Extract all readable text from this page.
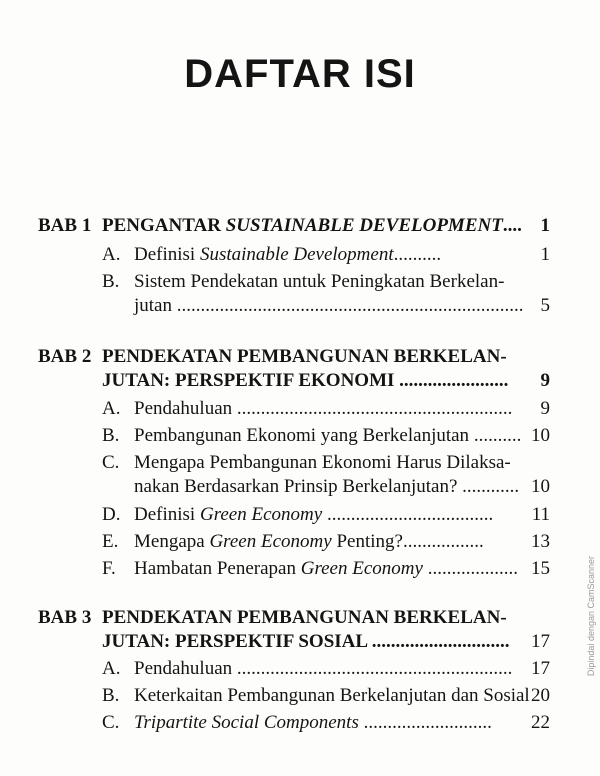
DAFTAR ISI
BAB 1 PENGANTAR SUSTAINABLE DEVELOPMENT.... 1
A. Definisi Sustainable Development..........	1
B. Sistem Pendekatan untuk Peningkatan Berkelan-
jutan ......................................................................... 5
BAB 2 PENDEKATAN PEMBANGUNAN BERKELAN-
JUTAN: PERSPEKTIF EKONOMI ....................... 9
A. Pendahuluan .......................................................... 9
B. Pembangunan Ekonomi yang Berkelanjutan .......... 10
C. Mengapa Pembangunan Ekonomi Harus Dilaksa-
nakan Berdasarkan Prinsip Berkelanjutan? ............ 10
D. Definisi Green Economy ................................... 11
E. Mengapa Green Economy Penting?................. 13
F. Hambatan Penerapan Green Economy ................... 15
BAB 3 PENDEKATAN PEMBANGUNAN BERKELAN-
JUTAN: PERSPEKTIF SOSIAL ............................. 17
A. Pendahuluan .......................................................... 17
B. Keterkaitan Pembangunan Berkelanjutan dan Sosial 20
C. Tripartite Social Components ........................... 22
Dipindai dengan CamScanner
